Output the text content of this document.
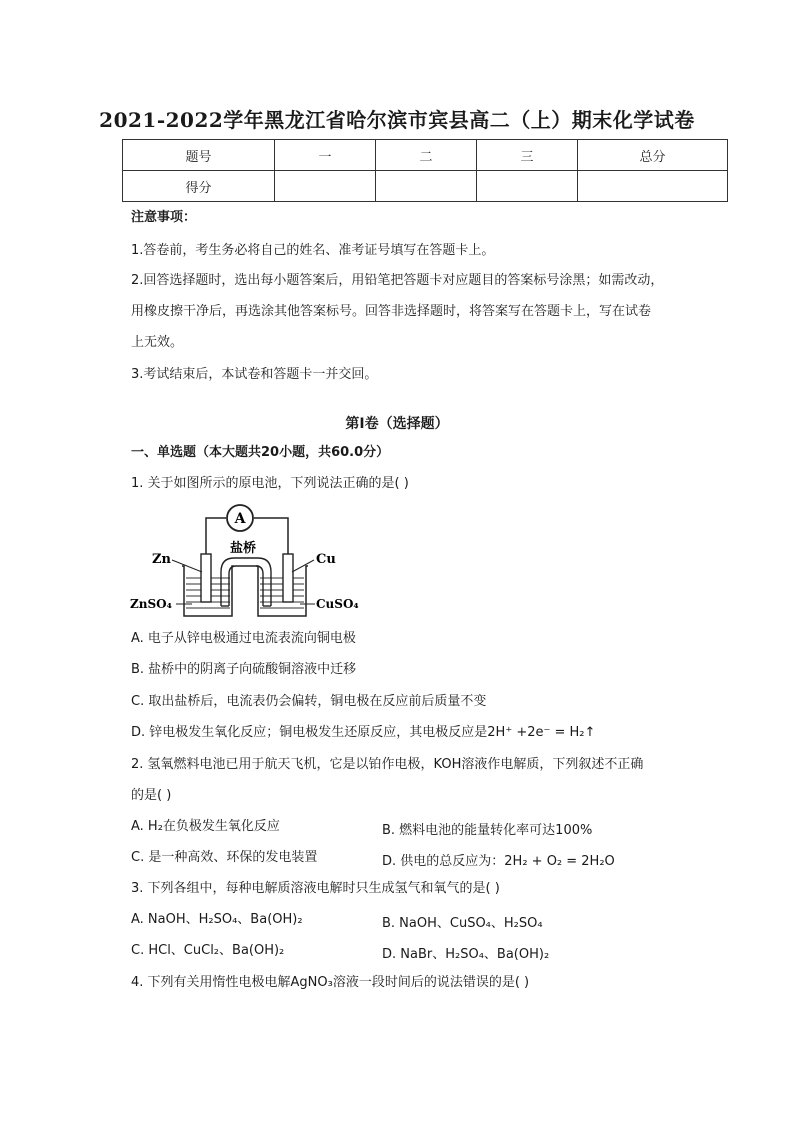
2021-2022学年黑龙江省哈尔滨市宾县高二（上）期末化学试卷
题号	一	二	三	总分
得分				
注意事项：
1.答卷前，考生务必将自己的姓名、准考证号填写在答题卡上。
2.回答选择题时，选出每小题答案后，用铅笔把答题卡对应题目的答案标号涂黑；如需改动，
用橡皮擦干净后，再选涂其他答案标号。回答非选择题时，将答案写在答题卡上，写在试卷
上无效。
3.考试结束后，本试卷和答题卡一并交回。
第Ⅰ卷（选择题）
一、单选题（本大题共20小题，共60.0分）
1. 关于如图所示的原电池，下列说法正确的是( )
A
盐桥
Zn	Cu
ZnSO₄	CuSO₄
A. 电子从锌电极通过电流表流向铜电极
B. 盐桥中的阴离子向硫酸铜溶液中迁移
C. 取出盐桥后，电流表仍会偏转，铜电极在反应前后质量不变
D. 锌电极发生氧化反应；铜电极发生还原反应，其电极反应是2H⁺ +2e⁻ = H₂↑
2. 氢氧燃料电池已用于航天飞机，它是以铂作电极，KOH溶液作电解质，下列叙述不正确
的是( )
A. H₂在负极发生氧化反应	B. 燃料电池的能量转化率可达100%
C. 是一种高效、环保的发电装置	D. 供电的总反应为：2H₂ + O₂ = 2H₂O
3. 下列各组中，每种电解质溶液电解时只生成氢气和氧气的是( )
A. NaOH、H₂SO₄、Ba(OH)₂	B. NaOH、CuSO₄、H₂SO₄
C. HCl、CuCl₂、Ba(OH)₂	D. NaBr、H₂SO₄、Ba(OH)₂
4. 下列有关用惰性电极电解AgNO₃溶液一段时间后的说法错误的是( )
